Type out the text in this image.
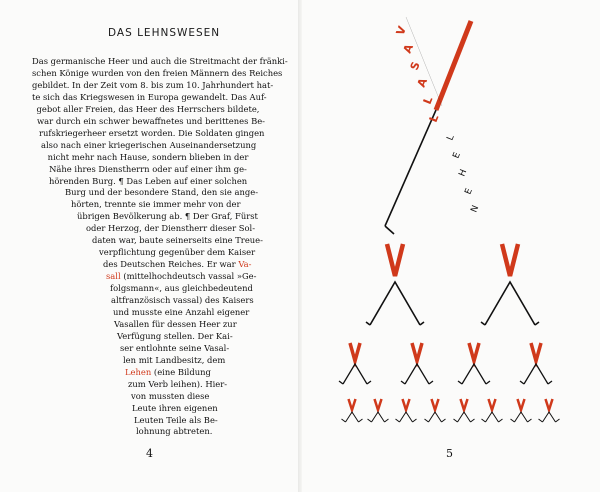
DAS LEHNSWESEN
Das germanische Heer und auch die Streitmacht der fränki-
schen Könige wurden von den freien Männern des Reiches
gebildet. In der Zeit vom 8. bis zum 10. Jahrhundert hat-
te sich das Kriegswesen in Europa gewandelt. Das Auf-
gebot aller Freien, das Heer des Herrschers bildete,
war durch ein schwer bewaffnetes und berittenes Be-
rufskriegerheer ersetzt worden. Die Soldaten gingen
also nach einer kriegerischen Auseinandersetzung
nicht mehr nach Hause, sondern blieben in der
Nähe ihres Dienstherrn oder auf einer ihm ge-
hörenden Burg. ¶ Das Leben auf einer solchen
Burg und der besondere Stand, den sie ange-
hörten, trennte sie immer mehr von der
übrigen Bevölkerung ab. ¶ Der Graf, Fürst
oder Herzog, der Dienstherr dieser Sol-
daten war, baute seinerseits eine Treue-
verpflichtung gegenüber dem Kaiser
des Deutschen Reiches. Er war Va-
sall (mittelhochdeutsch vassal »Ge-
folgsmann«, aus gleichbedeutend
altfranzösisch vassal) des Kaisers
und musste eine Anzahl eigener
Vasallen für dessen Heer zur
Verfügung stellen. Der Kai-
ser entlohnte seine Vasal-
len mit Landbesitz, dem
Lehen (eine Bildung
zum Verb leihen). Hier-
von mussten diese
Leute ihren eigenen
Leuten Teile als Be-
lohnung abtreten.
4	5
V
A
S
A
L
L
L
E
H
E
N
